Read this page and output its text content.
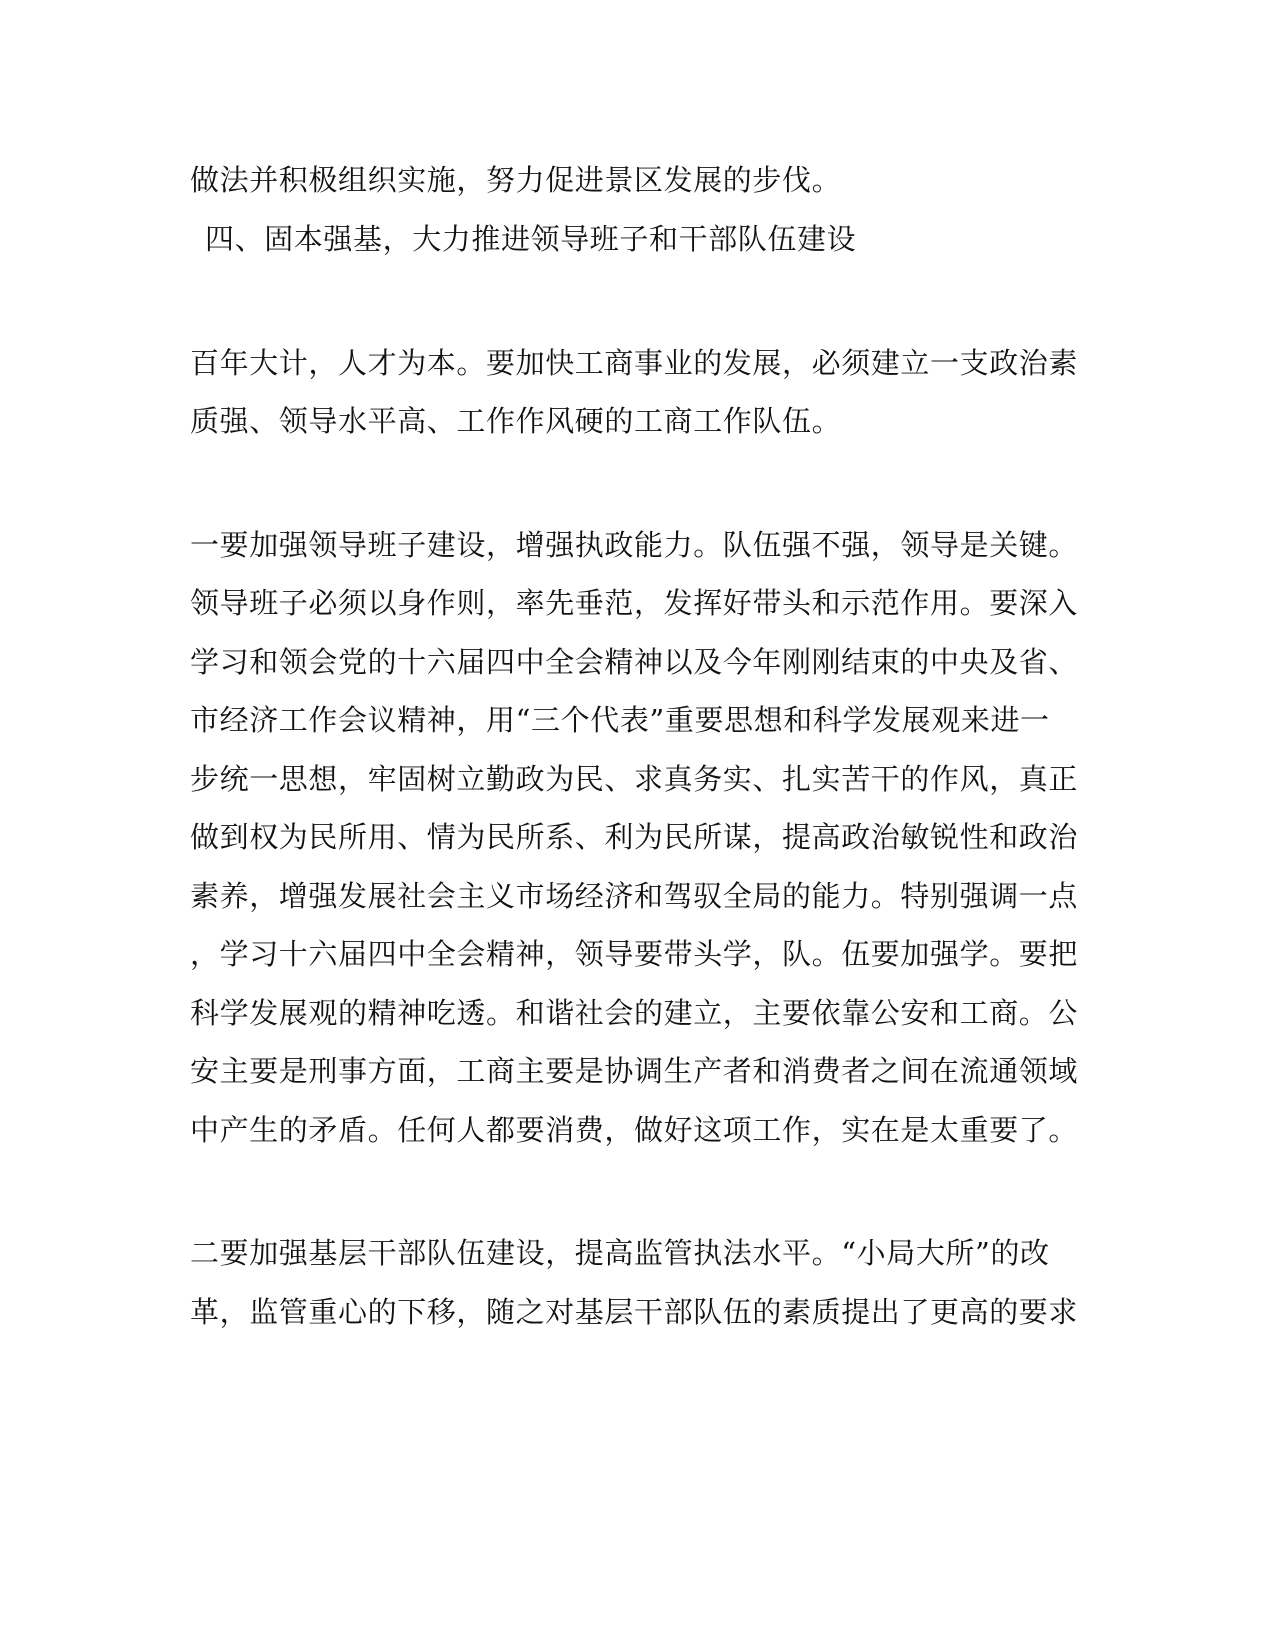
做法并积极组织实施，努力促进景区发展的步伐。
四、固本强基，大力推进领导班子和干部队伍建设
百年大计，人才为本。要加快工商事业的发展，必须建立一支政治素
质强、领导水平高、工作作风硬的工商工作队伍。
一要加强领导班子建设，增强执政能力。队伍强不强，领导是关键。
领导班子必须以身作则，率先垂范，发挥好带头和示范作用。要深入
学习和领会党的十六届四中全会精神以及今年刚刚结束的中央及省、
市经济工作会议精神，用“三个代表”重要思想和科学发展观来进一
步统一思想，牢固树立勤政为民、求真务实、扎实苦干的作风，真正
做到权为民所用、情为民所系、利为民所谋，提高政治敏锐性和政治
素养，增强发展社会主义市场经济和驾驭全局的能力。特别强调一点
，学习十六届四中全会精神，领导要带头学，队。伍要加强学。要把
科学发展观的精神吃透。和谐社会的建立，主要依靠公安和工商。公
安主要是刑事方面，工商主要是协调生产者和消费者之间在流通领域
中产生的矛盾。任何人都要消费，做好这项工作，实在是太重要了。
二要加强基层干部队伍建设，提高监管执法水平。“小局大所”的改
革，监管重心的下移，随之对基层干部队伍的素质提出了更高的要求
